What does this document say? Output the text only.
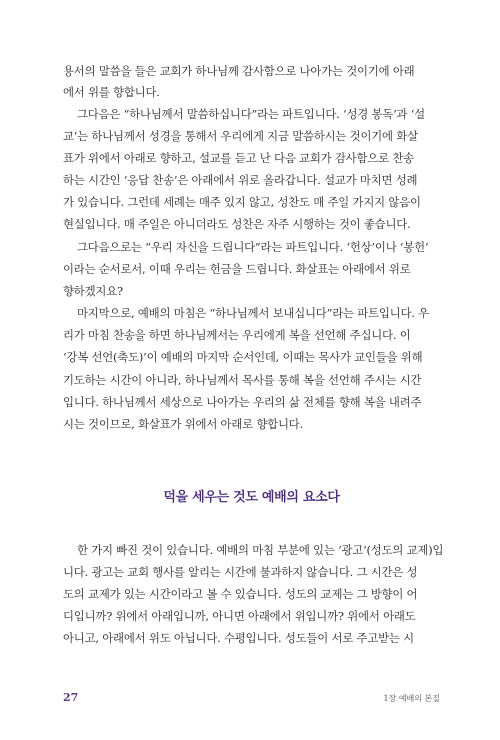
용서의 말씀을 들은 교회가 하나님께 감사함으로 나아가는 것이기에 아래
에서 위를 향합니다.
그다음은 “하나님께서 말씀하십니다”라는 파트입니다. ‘성경 봉독’과 ‘설
교’는 하나님께서 성경을 통해서 우리에게 지금 말씀하시는 것이기에 화살
표가 위에서 아래로 향하고, 설교를 듣고 난 다음 교회가 감사함으로 찬송
하는 시간인 ‘응답 찬송’은 아래에서 위로 올라갑니다. 설교가 마치면 성례
가 있습니다. 그런데 세례는 매주 있지 않고, 성찬도 매 주일 가지지 않음이
현실입니다. 매 주일은 아니더라도 성찬은 자주 시행하는 것이 좋습니다.
그다음으로는 “우리 자신을 드립니다”라는 파트입니다. ‘헌상’이나 ‘봉헌’
이라는 순서로서, 이때 우리는 헌금을 드립니다. 화살표는 아래에서 위로
향하겠지요?
마지막으로, 예배의 마침은 “하나님께서 보내십니다”라는 파트입니다. 우
리가 마침 찬송을 하면 하나님께서는 우리에게 복을 선언해 주십니다. 이
‘강복 선언(축도)’이 예배의 마지막 순서인데, 이때는 목사가 교인들을 위해
기도하는 시간이 아니라, 하나님께서 목사를 통해 복을 선언해 주시는 시간
입니다. 하나님께서 세상으로 나아가는 우리의 삶 전체를 향해 복을 내려주
시는 것이므로, 화살표가 위에서 아래로 향합니다.
덕을 세우는 것도 예배의 요소다
한 가지 빠진 것이 있습니다. 예배의 마침 부분에 있는 ‘광고’(성도의 교제)입
니다. 광고는 교회 행사를 알리는 시간에 불과하지 않습니다. 그 시간은 성
도의 교제가 있는 시간이라고 볼 수 있습니다. 성도의 교제는 그 방향이 어
디입니까? 위에서 아래입니까, 아니면 아래에서 위입니까? 위에서 아래도
아니고, 아래에서 위도 아닙니다. 수평입니다. 성도들이 서로 주고받는 시
27	1장 예배의 본질
